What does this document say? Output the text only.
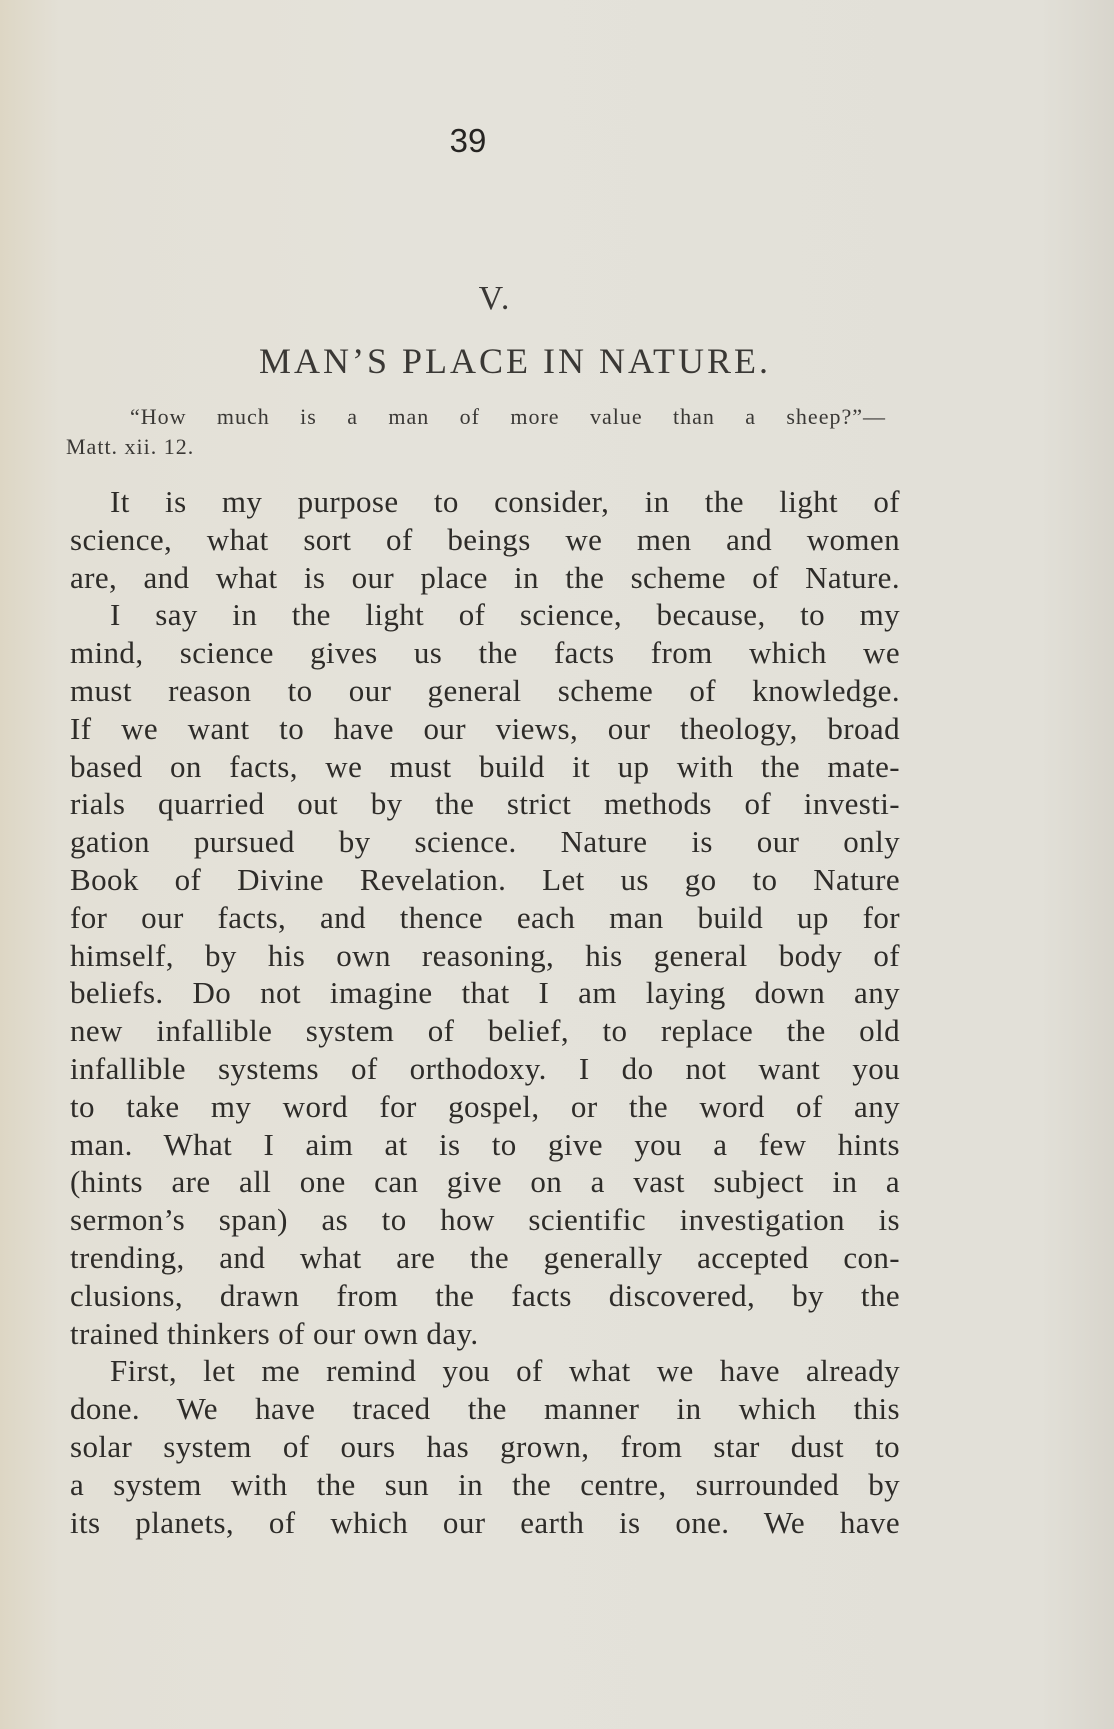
39
V.
MAN’S PLACE IN NATURE.
“How much is a man of more value than a sheep?”—
Matt. xii. 12.
It is my purpose to consider, in the light of
science, what sort of beings we men and women
are, and what is our place in the scheme of Nature.
I say in the light of science, because, to my
mind, science gives us the facts from which we
must reason to our general scheme of knowledge.
If we want to have our views, our theology, broad
based on facts, we must build it up with the mate-
rials quarried out by the strict methods of investi-
gation pursued by science. Nature is our only
Book of Divine Revelation. Let us go to Nature
for our facts, and thence each man build up for
himself, by his own reasoning, his general body of
beliefs. Do not imagine that I am laying down any
new infallible system of belief, to replace the old
infallible systems of orthodoxy. I do not want you
to take my word for gospel, or the word of any
man. What I aim at is to give you a few hints
(hints are all one can give on a vast subject in a
sermon’s span) as to how scientific investigation is
trending, and what are the generally accepted con-
clusions, drawn from the facts discovered, by the
trained thinkers of our own day.
First, let me remind you of what we have already
done. We have traced the manner in which this
solar system of ours has grown, from star dust to
a system with the sun in the centre, surrounded by
its planets, of which our earth is one. We have
